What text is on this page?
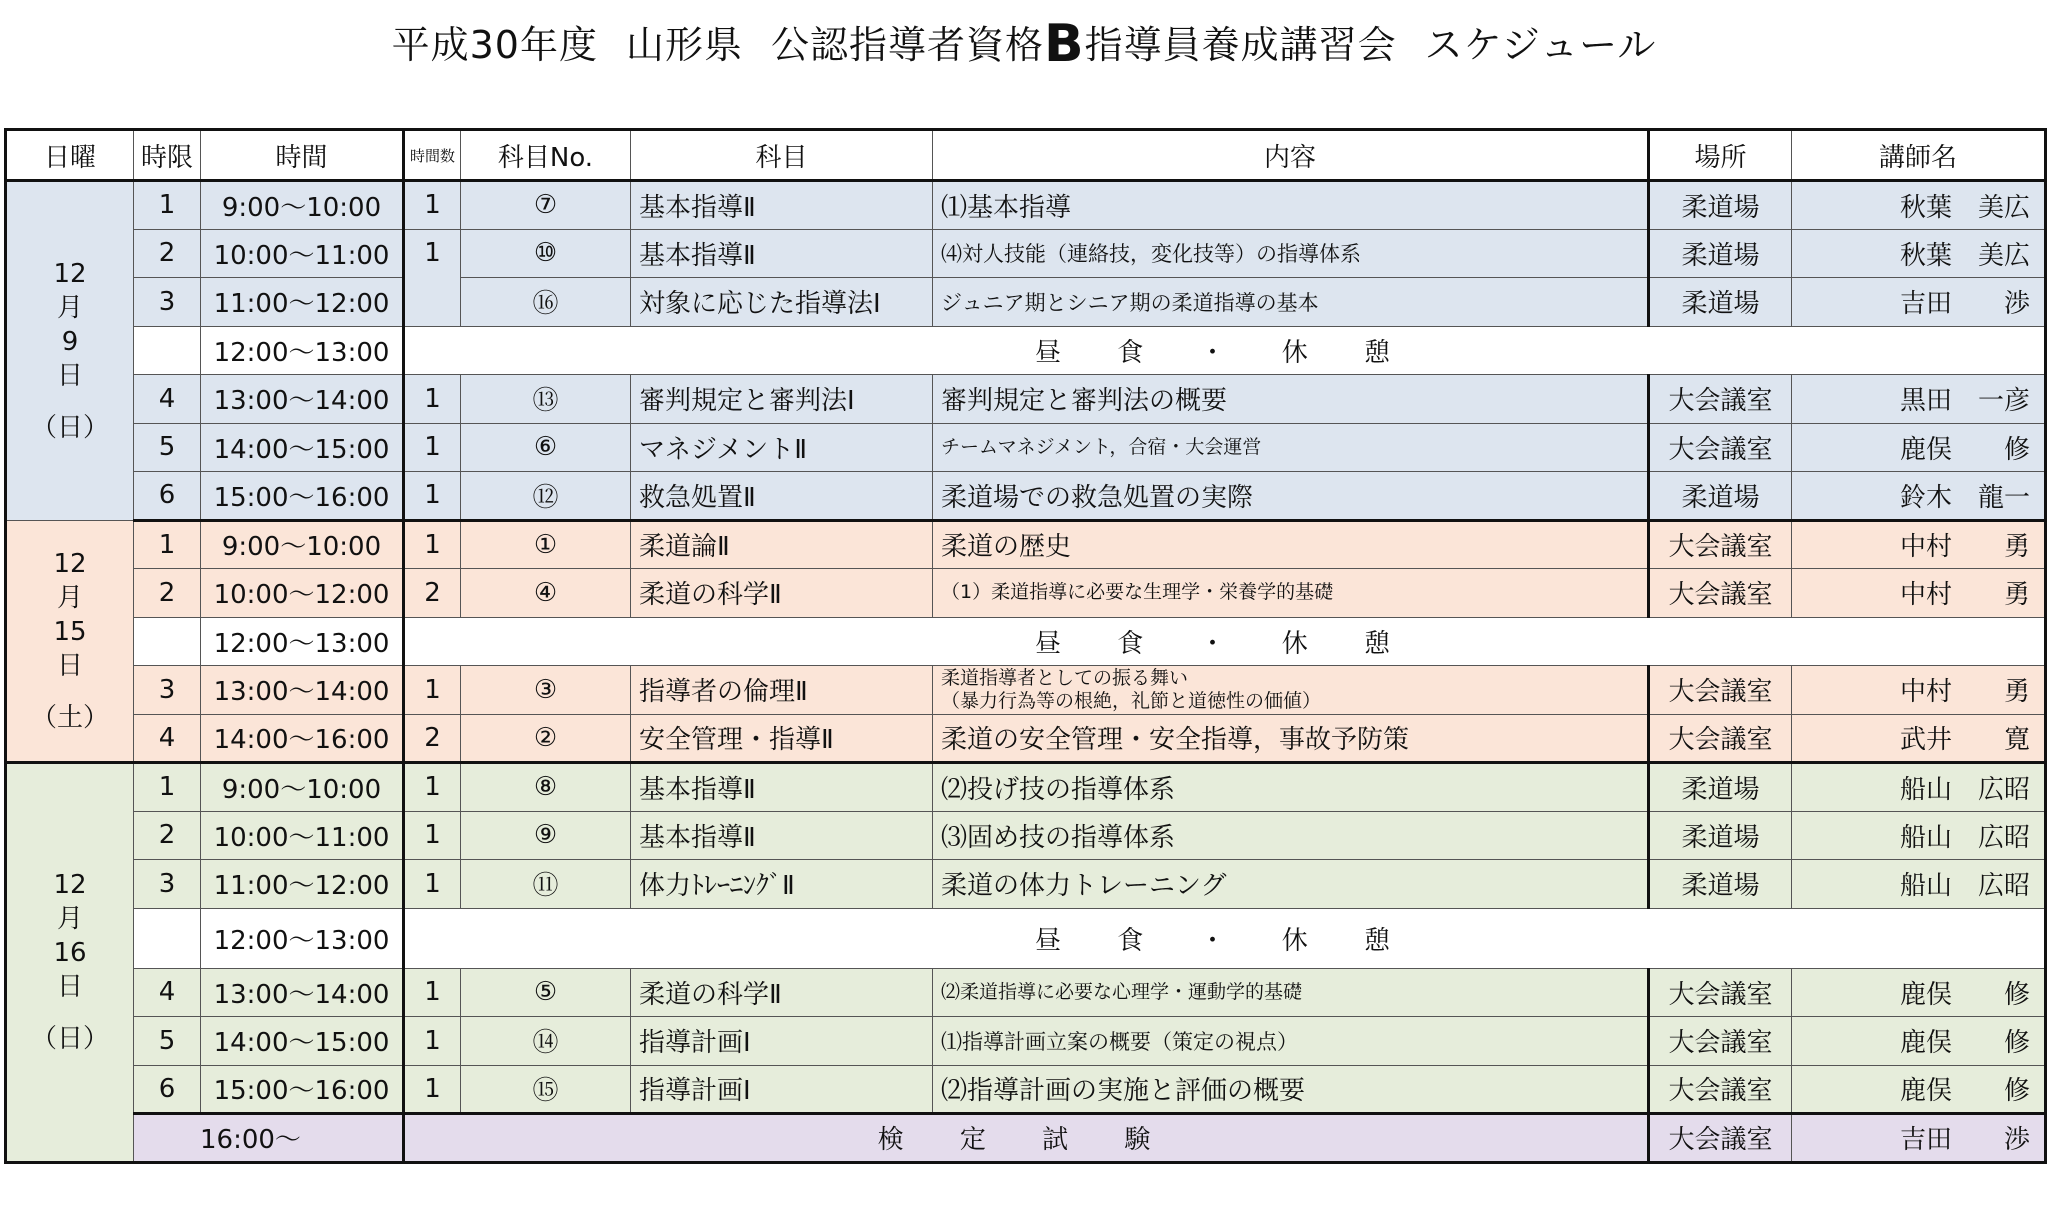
平成30年度 山形県 公認指導者資格B指導員養成講習会 スケジュール
日曜	時限	時間	時間数	科目No.	科目	内容	場所	講師名

12
月
9
日
（日）	1	9:00～10:00	1	⑦	基本指導Ⅱ	⑴基本指導	柔道場	秋葉　美広
	2	10:00～11:00	1	⑩	基本指導Ⅱ	⑷対人技能（連絡技，変化技等）の指導体系	柔道場	秋葉　美広
	3	11:00～12:00		⑯	対象に応じた指導法Ⅰ	ジュニア期とシニア期の柔道指導の基本	柔道場	吉田　　渉
		12:00～13:00	昼 食 ・ 休 憩					
	4	13:00～14:00	1	⑬	審判規定と審判法Ⅰ	審判規定と審判法の概要	大会議室	黒田　一彦
	5	14:00～15:00	1	⑥	マネジメントⅡ	チームマネジメント，合宿・大会運営	大会議室	鹿俣　　修
	6	15:00～16:00	1	⑫	救急処置Ⅱ	柔道場での救急処置の実際	柔道場	鈴木　龍一

12
月
15
日
（土）	1	9:00～10:00	1	①	柔道論Ⅱ	柔道の歴史	大会議室	中村　　勇
	2	10:00～12:00	2	④	柔道の科学Ⅱ	（1）柔道指導に必要な生理学・栄養学的基礎	大会議室	中村　　勇
		12:00～13:00	昼 食 ・ 休 憩					
	3	13:00～14:00	1	③	指導者の倫理Ⅱ	柔道指導者としての振る舞い
（暴力行為等の根絶，礼節と道徳性の価値）	大会議室	中村　　勇
	4	14:00～16:00	2	②	安全管理・指導Ⅱ	柔道の安全管理・安全指導，事故予防策	大会議室	武井　　寛

12
月
16
日
（日）	1	9:00～10:00	1	⑧	基本指導Ⅱ	⑵投げ技の指導体系	柔道場	船山　広昭
	2	10:00～11:00	1	⑨	基本指導Ⅱ	⑶固め技の指導体系	柔道場	船山　広昭
	3	11:00～12:00	1	⑪	体力ﾄﾚｰﾆﾝｸﾞⅡ	柔道の体力トレーニング	柔道場	船山　広昭
		12:00～13:00	昼 食 ・ 休 憩					
	4	13:00～14:00	1	⑤	柔道の科学Ⅱ	⑵柔道指導に必要な心理学・運動学的基礎	大会議室	鹿俣　　修
	5	14:00～15:00	1	⑭	指導計画Ⅰ	⑴指導計画立案の概要（策定の視点）	大会議室	鹿俣　　修
	6	15:00～16:00	1	⑮	指導計画Ⅰ	⑵指導計画の実施と評価の概要	大会議室	鹿俣　　修
	16:00～		検 定 試 験				大会議室	吉田　　渉
